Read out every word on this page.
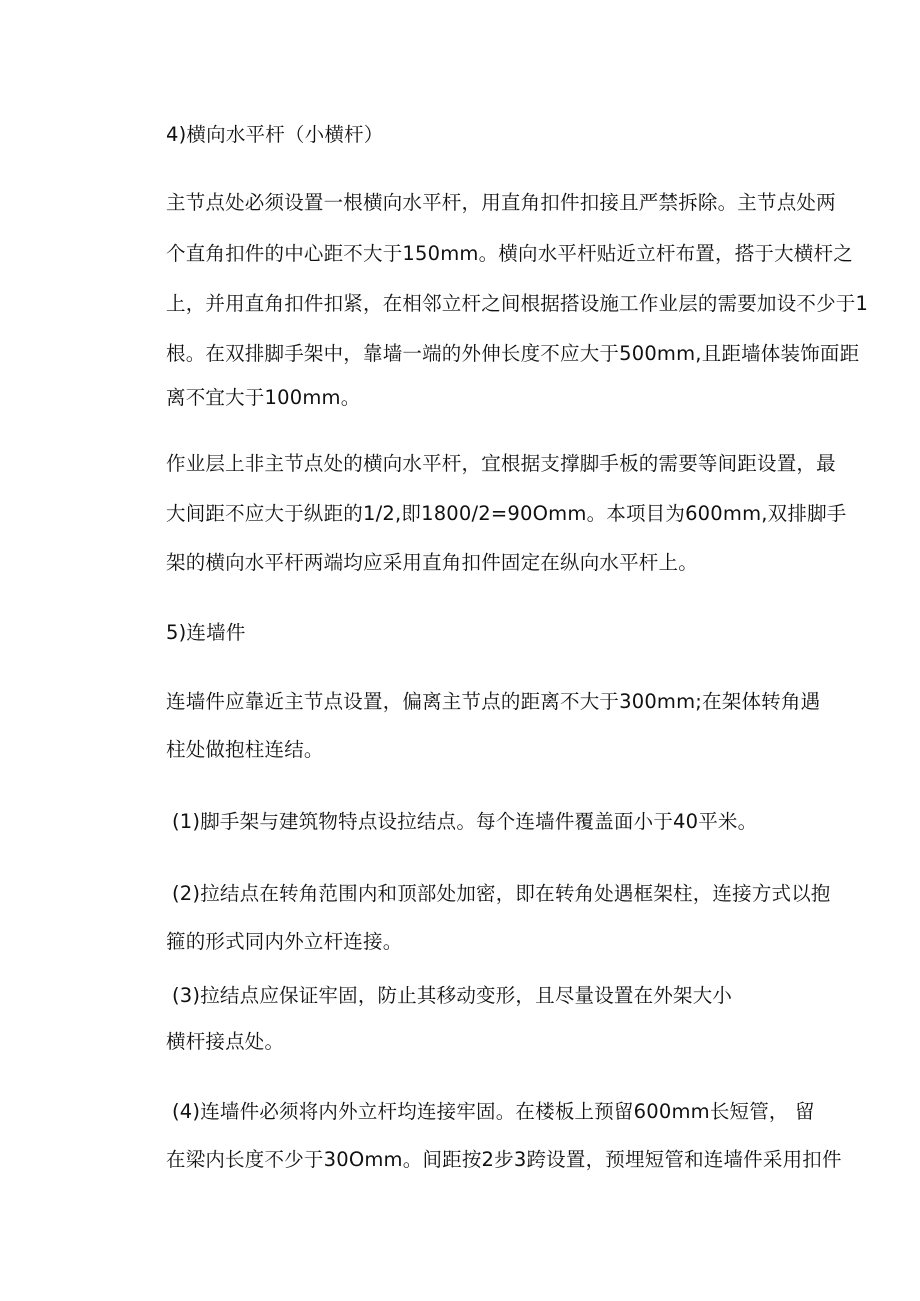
4)横向水平杆（小横杆）
主节点处必须设置一根横向水平杆，用直角扣件扣接且严禁拆除。主节点处两
个直角扣件的中心距不大于150mm。横向水平杆贴近立杆布置，搭于大横杆之
上，并用直角扣件扣紧，在相邻立杆之间根据搭设施工作业层的需要加设不少于1
根。在双排脚手架中，靠墙一端的外伸长度不应大于500mm,且距墙体装饰面距
离不宜大于100mm。
作业层上非主节点处的横向水平杆，宜根据支撑脚手板的需要等间距设置，最
大间距不应大于纵距的1/2,即1800/2=90Omm。本项目为600mm,双排脚手
架的横向水平杆两端均应采用直角扣件固定在纵向水平杆上。
5)连墙件
连墙件应靠近主节点设置，偏离主节点的距离不大于300mm;在架体转角遇
柱处做抱柱连结。
(1)脚手架与建筑物特点设拉结点。每个连墙件覆盖面小于40平米。
(2)拉结点在转角范围内和顶部处加密，即在转角处遇框架柱，连接方式以抱
箍的形式同内外立杆连接。
(3)拉结点应保证牢固，防止其移动变形，且尽量设置在外架大小
横杆接点处。
(4)连墙件必须将内外立杆均连接牢固。在楼板上预留600mm长短管， 留
在梁内长度不少于30Omm。间距按2步3跨设置，预埋短管和连墙件采用扣件
